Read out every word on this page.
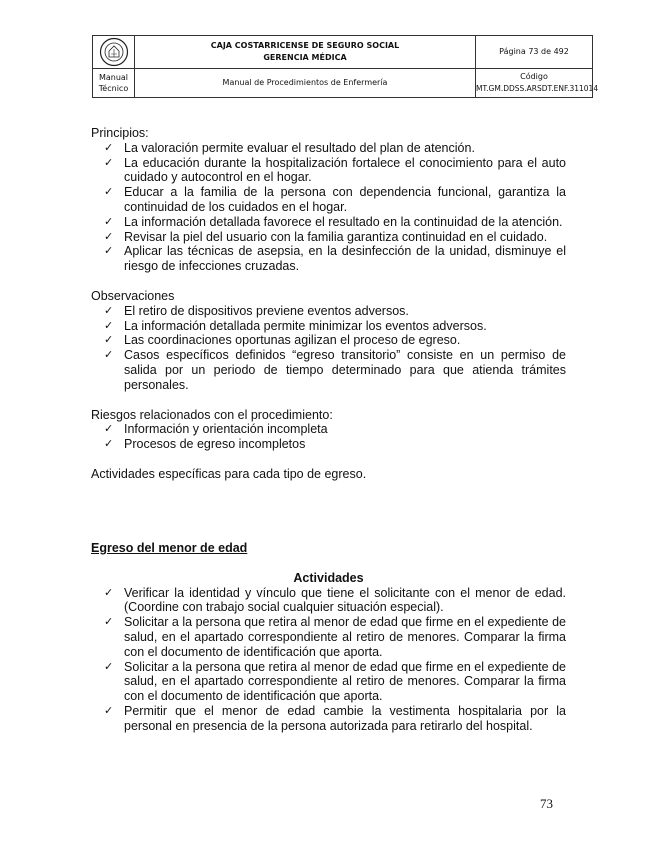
CAJA COSTARRICENSE DE SEGURO SOCIAL
GERENCIA MÉDICA	Página 73 de 492
Manual Técnico	Manual de Procedimientos de Enfermería	Código
MT.GM.DDSS.ARSDT.ENF.311014

Principios:

✓ La valoración permite evaluar el resultado del plan de atención.
✓ La educación durante la hospitalización fortalece el conocimiento para el auto cuidado y autocontrol en el hogar.
✓ Educar a la familia de la persona con dependencia funcional, garantiza la continuidad de los cuidados en el hogar.
✓ La información detallada favorece el resultado en la continuidad de la atención.
✓ Revisar la piel del usuario con la familia garantiza continuidad en el cuidado.
✓ Aplicar las técnicas de asepsia, en la desinfección de la unidad, disminuye el riesgo de infecciones cruzadas.

Observaciones

✓ El retiro de dispositivos previene eventos adversos.
✓ La información detallada permite minimizar los eventos adversos.
✓ Las coordinaciones oportunas agilizan el proceso de egreso.
✓ Casos específicos definidos “egreso transitorio” consiste en un permiso de salida por un periodo de tiempo determinado para que atienda trámites personales.

Riesgos relacionados con el procedimiento:

✓ Información y orientación incompleta
✓ Procesos de egreso incompletos

Actividades específicas para cada tipo de egreso.

Egreso del menor de edad

Actividades

✓ Verificar la identidad y vínculo que tiene el solicitante con el menor de edad. (Coordine con trabajo social cualquier situación especial).
✓ Solicitar a la persona que retira al menor de edad que firme en el expediente de salud, en el apartado correspondiente al retiro de menores. Comparar la firma con el documento de identificación que aporta.
✓ Solicitar a la persona que retira al menor de edad que firme en el expediente de salud, en el apartado correspondiente al retiro de menores. Comparar la firma con el documento de identificación que aporta.
✓ Permitir que el menor de edad cambie la vestimenta hospitalaria por la personal en presencia de la persona autorizada para retirarlo del hospital.
73
